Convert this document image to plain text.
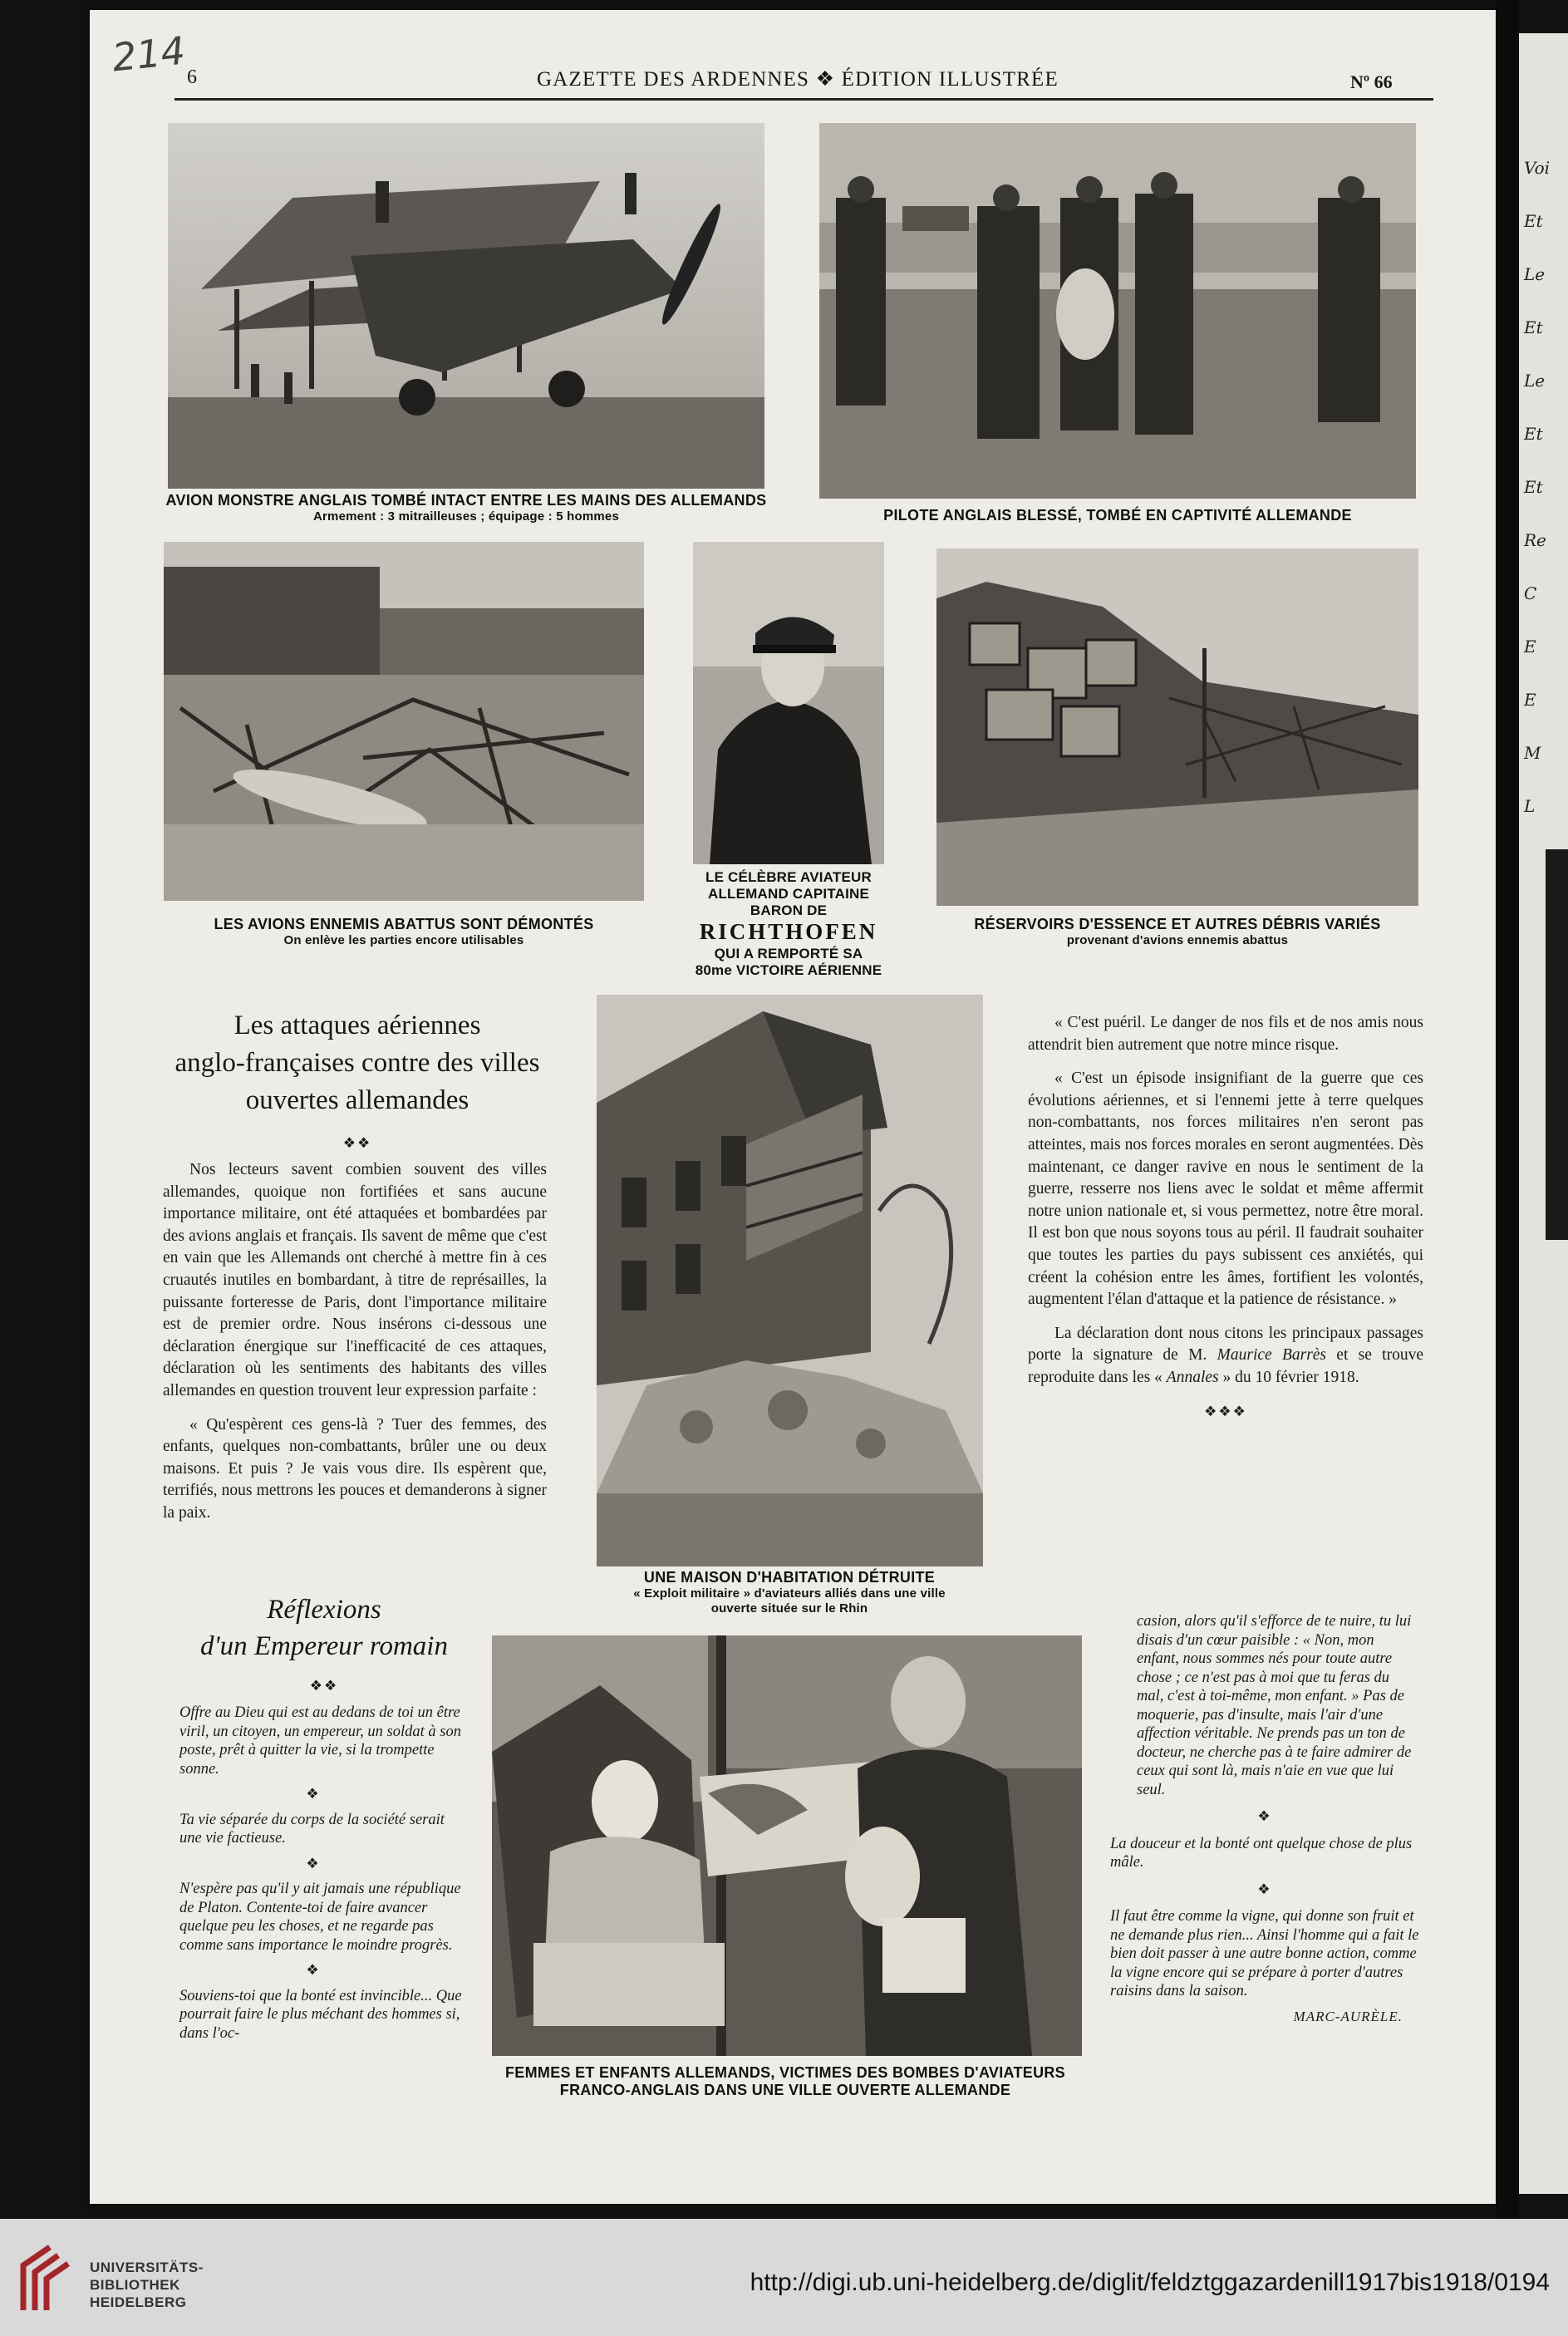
Voi
Et
Le
Et
Le
Et
Et
Re
C
E
E
M
L
214 6	GAZETTE DES ARDENNES ❖ ÉDITION ILLUSTRÉE	Nº 66
AVION MONSTRE ANGLAIS TOMBÉ INTACT ENTRE LES MAINS DES ALLEMANDS
Armement : 3 mitrailleuses ; équipage : 5 hommes	PILOTE ANGLAIS BLESSÉ, TOMBÉ EN CAPTIVITÉ ALLEMANDE
LES AVIONS ENNEMIS ABATTUS SONT DÉMONTÉS
On enlève les parties encore utilisables
LE CÉLÈBRE AVIATEUR
ALLEMAND CAPITAINE
BARON DE
RICHTHOFEN
QUI A REMPORTÉ SA
80me VICTOIRE AÉRIENNE
RÉSERVOIRS D'ESSENCE ET AUTRES DÉBRIS VARIÉS
provenant d'avions ennemis abattus
Les attaques aériennes
anglo-françaises contre des villes
ouvertes allemandes
❖❖

Nos lecteurs savent combien souvent des villes allemandes, quoique non fortifiées et sans aucune importance militaire, ont été attaquées et bombardées par des avions anglais et français. Ils savent de même que c'est en vain que les Allemands ont cherché à mettre fin à ces cruautés inutiles en bombardant, à titre de représailles, la puissante forteresse de Paris, dont l'importance militaire est de premier ordre. Nous insérons ci-dessous une déclaration énergique sur l'inefficacité de ces attaques, déclaration où les sentiments des habitants des villes allemandes en question trouvent leur expression parfaite :

« Qu'espèrent ces gens-là ? Tuer des femmes, des enfants, quelques non-combattants, brûler une ou deux maisons. Et puis ? Je vais vous dire. Ils espèrent que, terrifiés, nous mettrons les pouces et demanderons à signer la paix.

UNE MAISON D'HABITATION DÉTRUITE
« Exploit militaire » d'aviateurs alliés dans une ville
ouverte située sur le Rhin

« C'est puéril. Le danger de nos fils et de nos amis nous attendrit bien autrement que notre mince risque.

« C'est un épisode insignifiant de la guerre que ces évolutions aériennes, et si l'ennemi jette à terre quelques non-combattants, nos forces militaires n'en seront pas atteintes, mais nos forces morales en seront augmentées. Dès maintenant, ce danger ravive en nous le sentiment de la guerre, resserre nos liens avec le soldat et même affermit notre union nationale et, si vous permettez, notre être moral. Il est bon que nous soyons tous au péril. Il faudrait souhaiter que toutes les parties du pays subissent ces anxiétés, qui créent la cohésion entre les âmes, fortifient les volontés, augmentent l'élan d'attaque et la patience de résistance. »

La déclaration dont nous citons les principaux passages porte la signature de M. Maurice Barrès et se trouve reproduite dans les « Annales » du 10 février 1918.

❖❖❖
Réflexions
d'un Empereur romain
❖❖

Offre au Dieu qui est au dedans de toi un être viril, un citoyen, un empereur, un soldat à son poste, prêt à quitter la vie, si la trompette sonne.

❖

Ta vie séparée du corps de la société serait une vie factieuse.

❖

N'espère pas qu'il y ait jamais une république de Platon. Contente-toi de faire avancer quelque peu les choses, et ne regarde pas comme sans importance le moindre progrès.

❖

Souviens-toi que la bonté est invincible... Que pourrait faire le plus méchant des hommes si, dans l'oc-

FEMMES ET ENFANTS ALLEMANDS, VICTIMES DES BOMBES D'AVIATEURS
FRANCO-ANGLAIS DANS UNE VILLE OUVERTE ALLEMANDE

casion, alors qu'il s'efforce de te nuire, tu lui disais d'un cœur paisible : « Non, mon enfant, nous sommes nés pour toute autre chose ; ce n'est pas à moi que tu feras du mal, c'est à toi-même, mon enfant. » Pas de moquerie, pas d'insulte, mais l'air d'une affection véritable. Ne prends pas un ton de docteur, ne cherche pas à te faire admirer de ceux qui sont là, mais n'aie en vue que lui seul.

❖

La douceur et la bonté ont quelque chose de plus mâle.

❖

Il faut être comme la vigne, qui donne son fruit et ne demande plus rien... Ainsi l'homme qui a fait le bien doit passer à une autre bonne action, comme la vigne encore qui se prépare à porter d'autres raisins dans la saison.

MARC-AURÈLE.
UNIVERSITÄTS-
BIBLIOTHEK
HEIDELBERG
http://digi.ub.uni-heidelberg.de/diglit/feldztggazardenill1917bis1918/0194
